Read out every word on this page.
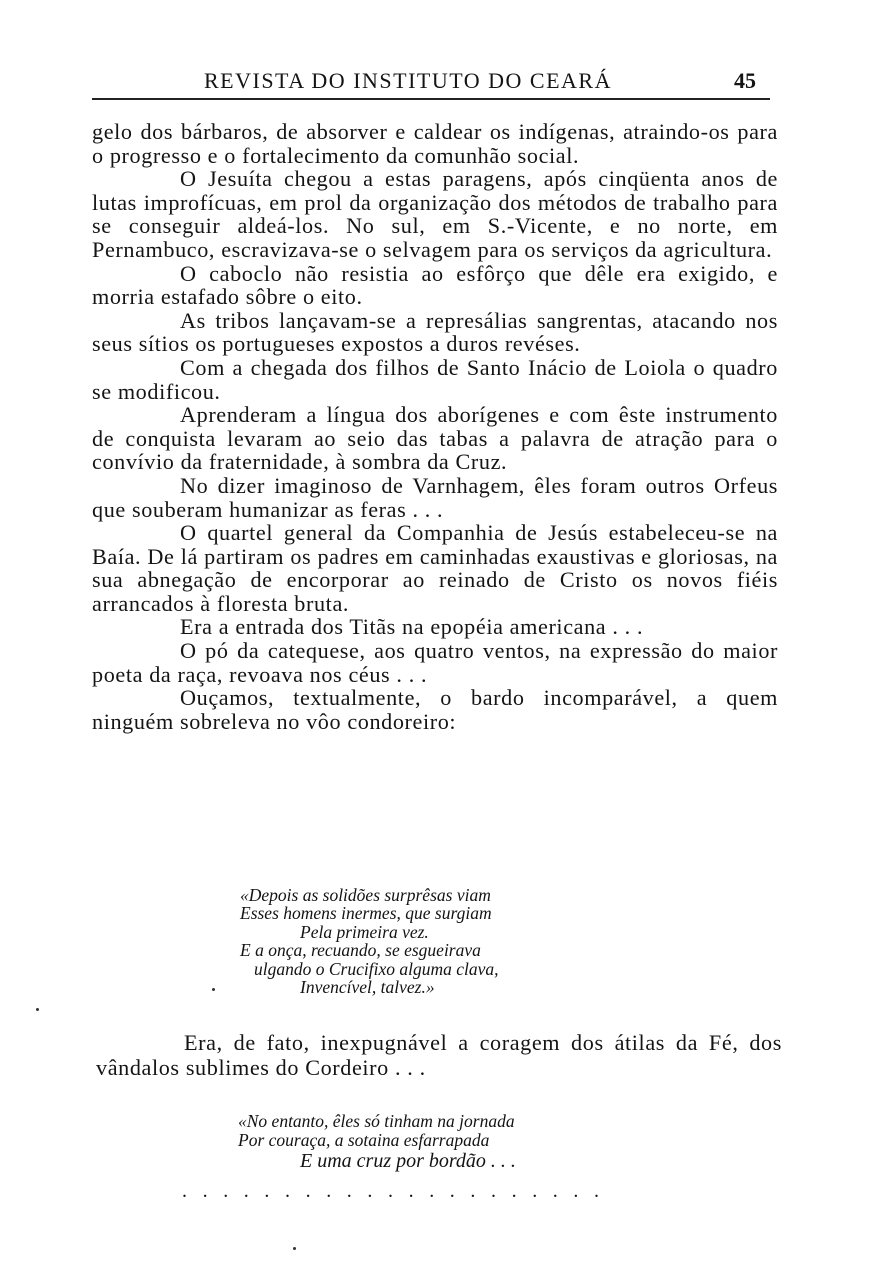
REVISTA DO INSTITUTO DO CEARÁ	45

gelo dos bárbaros, de absorver e caldear os indígenas, atraindo-os para o progresso e o fortalecimento da comunhão social.

O Jesuíta chegou a estas paragens, após cinqüenta anos de lutas improfícuas, em prol da organização dos métodos de trabalho para se conseguir aldeá-los. No sul, em S.-Vicente, e no norte, em Pernambuco, escravizava-se o selvagem para os serviços da agricultura.

O caboclo não resistia ao esfôrço que dêle era exigido, e morria estafado sôbre o eito.

As tribos lançavam-se a represálias sangrentas, atacando nos seus sítios os portugueses expostos a duros revéses.

Com a chegada dos filhos de Santo Inácio de Loiola o quadro se modificou.

Aprenderam a língua dos aborígenes e com êste instrumento de conquista levaram ao seio das tabas a palavra de atração para o convívio da fraternidade, à sombra da Cruz.

No dizer imaginoso de Varnhagem, êles foram outros Orfeus que souberam humanizar as feras . . .

O quartel general da Companhia de Jesús estabeleceu-se na Baía. De lá partiram os padres em caminhadas exaustivas e gloriosas, na sua abnegação de encorporar ao reinado de Cristo os novos fiéis arrancados à floresta bruta.

Era a entrada dos Titãs na epopéia americana . . .

O pó da catequese, aos quatro ventos, na expressão do maior poeta da raça, revoava nos céus . . .

Ouçamos, textualmente, o bardo incomparável, a quem ninguém sobreleva no vôo condoreiro:

«Depois as solidões surprêsas viam
Esses homens inermes, que surgiam
Pela primeira vez.
E a onça, recuando, se esgueirava
ulgando o Crucifixo alguma clava,
Invencível, talvez.»

Era, de fato, inexpugnável a coragem dos átilas da Fé, dos vândalos sublimes do Cordeiro . . .

«No entanto, êles só tinham na jornada
Por couraça, a sotaina esfarrapada
E uma cruz por bordão . . .
.....................
